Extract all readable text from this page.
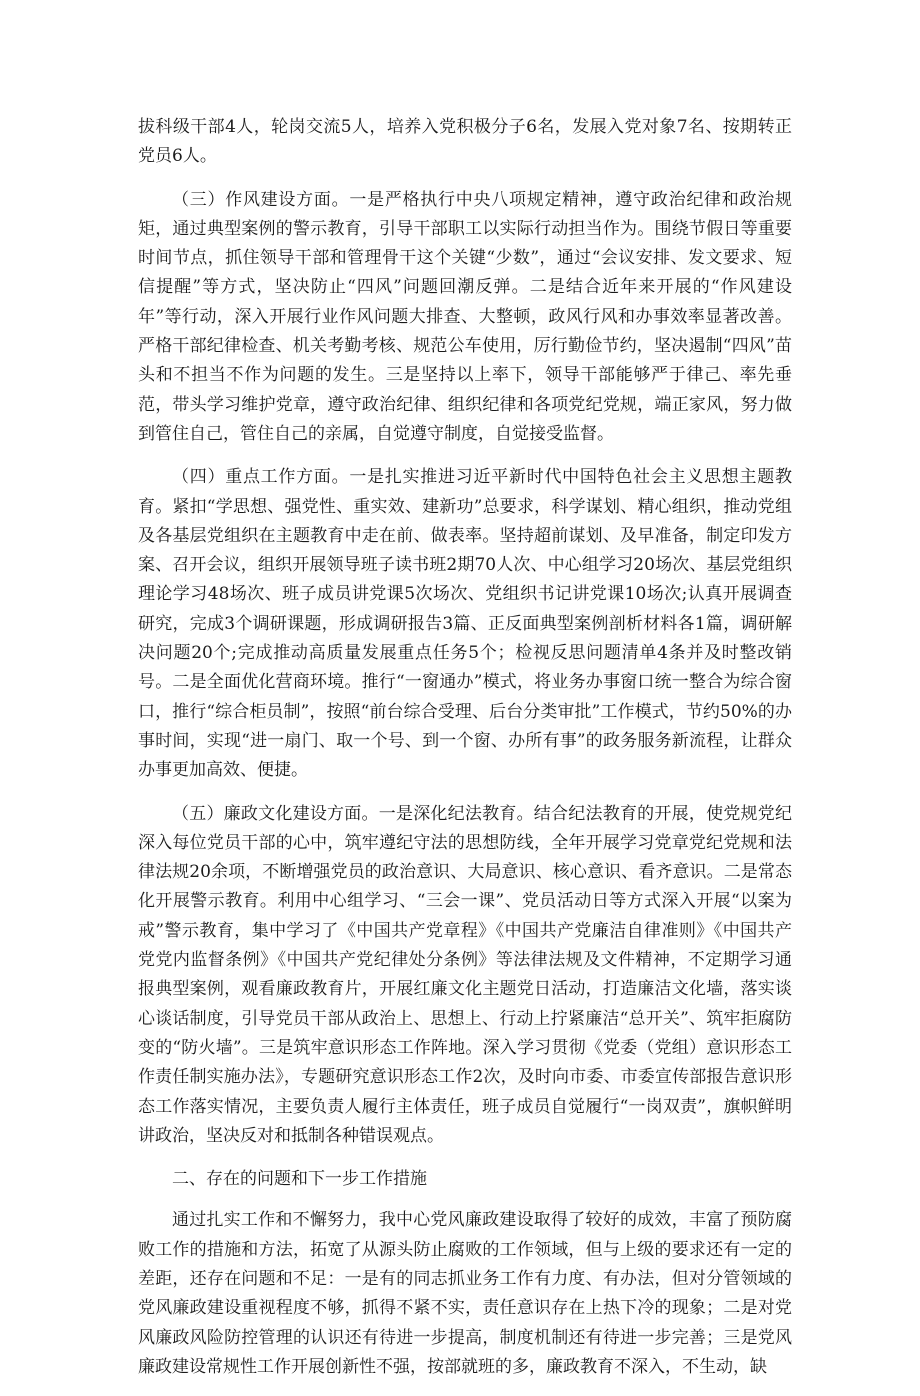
拔科级干部4人，轮岗交流5人，培养入党积极分子6名，发展入党对象7名、按期转正党员6人。

（三）作风建设方面。一是严格执行中央八项规定精神，遵守政治纪律和政治规矩，通过典型案例的警示教育，引导干部职工以实际行动担当作为。围绕节假日等重要时间节点，抓住领导干部和管理骨干这个关键“少数”，通过“会议安排、发文要求、短信提醒”等方式，坚决防止“四风”问题回潮反弹。二是结合近年来开展的“作风建设年”等行动，深入开展行业作风问题大排查、大整顿，政风行风和办事效率显著改善。严格干部纪律检查、机关考勤考核、规范公车使用，厉行勤俭节约，坚决遏制“四风”苗头和不担当不作为问题的发生。三是坚持以上率下，领导干部能够严于律己、率先垂范，带头学习维护党章，遵守政治纪律、组织纪律和各项党纪党规，端正家风，努力做到管住自己，管住自己的亲属，自觉遵守制度，自觉接受监督。

（四）重点工作方面。一是扎实推进习近平新时代中国特色社会主义思想主题教育。紧扣“学思想、强党性、重实效、建新功”总要求，科学谋划、精心组织，推动党组及各基层党组织在主题教育中走在前、做表率。坚持超前谋划、及早准备，制定印发方案、召开会议，组织开展领导班子读书班2期70人次、中心组学习20场次、基层党组织理论学习48场次、班子成员讲党课5次场次、党组织书记讲党课10场次;认真开展调查研究，完成3个调研课题，形成调研报告3篇、正反面典型案例剖析材料各1篇，调研解决问题20个;完成推动高质量发展重点任务5个；检视反思问题清单4条并及时整改销号。二是全面优化营商环境。推行“一窗通办”模式，将业务办事窗口统一整合为综合窗口，推行“综合柜员制”，按照“前台综合受理、后台分类审批”工作模式，节约50%的办事时间，实现“进一扇门、取一个号、到一个窗、办所有事”的政务服务新流程，让群众办事更加高效、便捷。

（五）廉政文化建设方面。一是深化纪法教育。结合纪法教育的开展，使党规党纪深入每位党员干部的心中，筑牢遵纪守法的思想防线，全年开展学习党章党纪党规和法律法规20余项，不断增强党员的政治意识、大局意识、核心意识、看齐意识。二是常态化开展警示教育。利用中心组学习、“三会一课”、党员活动日等方式深入开展“以案为戒”警示教育，集中学习了《中国共产党章程》《中国共产党廉洁自律准则》《中国共产党党内监督条例》《中国共产党纪律处分条例》等法律法规及文件精神，不定期学习通报典型案例，观看廉政教育片，开展红廉文化主题党日活动，打造廉洁文化墙，落实谈心谈话制度，引导党员干部从政治上、思想上、行动上拧紧廉洁“总开关”、筑牢拒腐防变的“防火墙”。三是筑牢意识形态工作阵地。深入学习贯彻《党委（党组）意识形态工作责任制实施办法》，专题研究意识形态工作2次，及时向市委、市委宣传部报告意识形态工作落实情况，主要负责人履行主体责任，班子成员自觉履行“一岗双责”，旗帜鲜明讲政治，坚决反对和抵制各种错误观点。

二、存在的问题和下一步工作措施

通过扎实工作和不懈努力，我中心党风廉政建设取得了较好的成效，丰富了预防腐败工作的措施和方法，拓宽了从源头防止腐败的工作领域，但与上级的要求还有一定的差距，还存在问题和不足：一是有的同志抓业务工作有力度、有办法，但对分管领域的党风廉政建设重视程度不够，抓得不紧不实，责任意识存在上热下冷的现象；二是对党风廉政风险防控管理的认识还有待进一步提高，制度机制还有待进一步完善；三是党风廉政建设常规性工作开展创新性不强，按部就班的多，廉政教育不深入，不生动，缺
